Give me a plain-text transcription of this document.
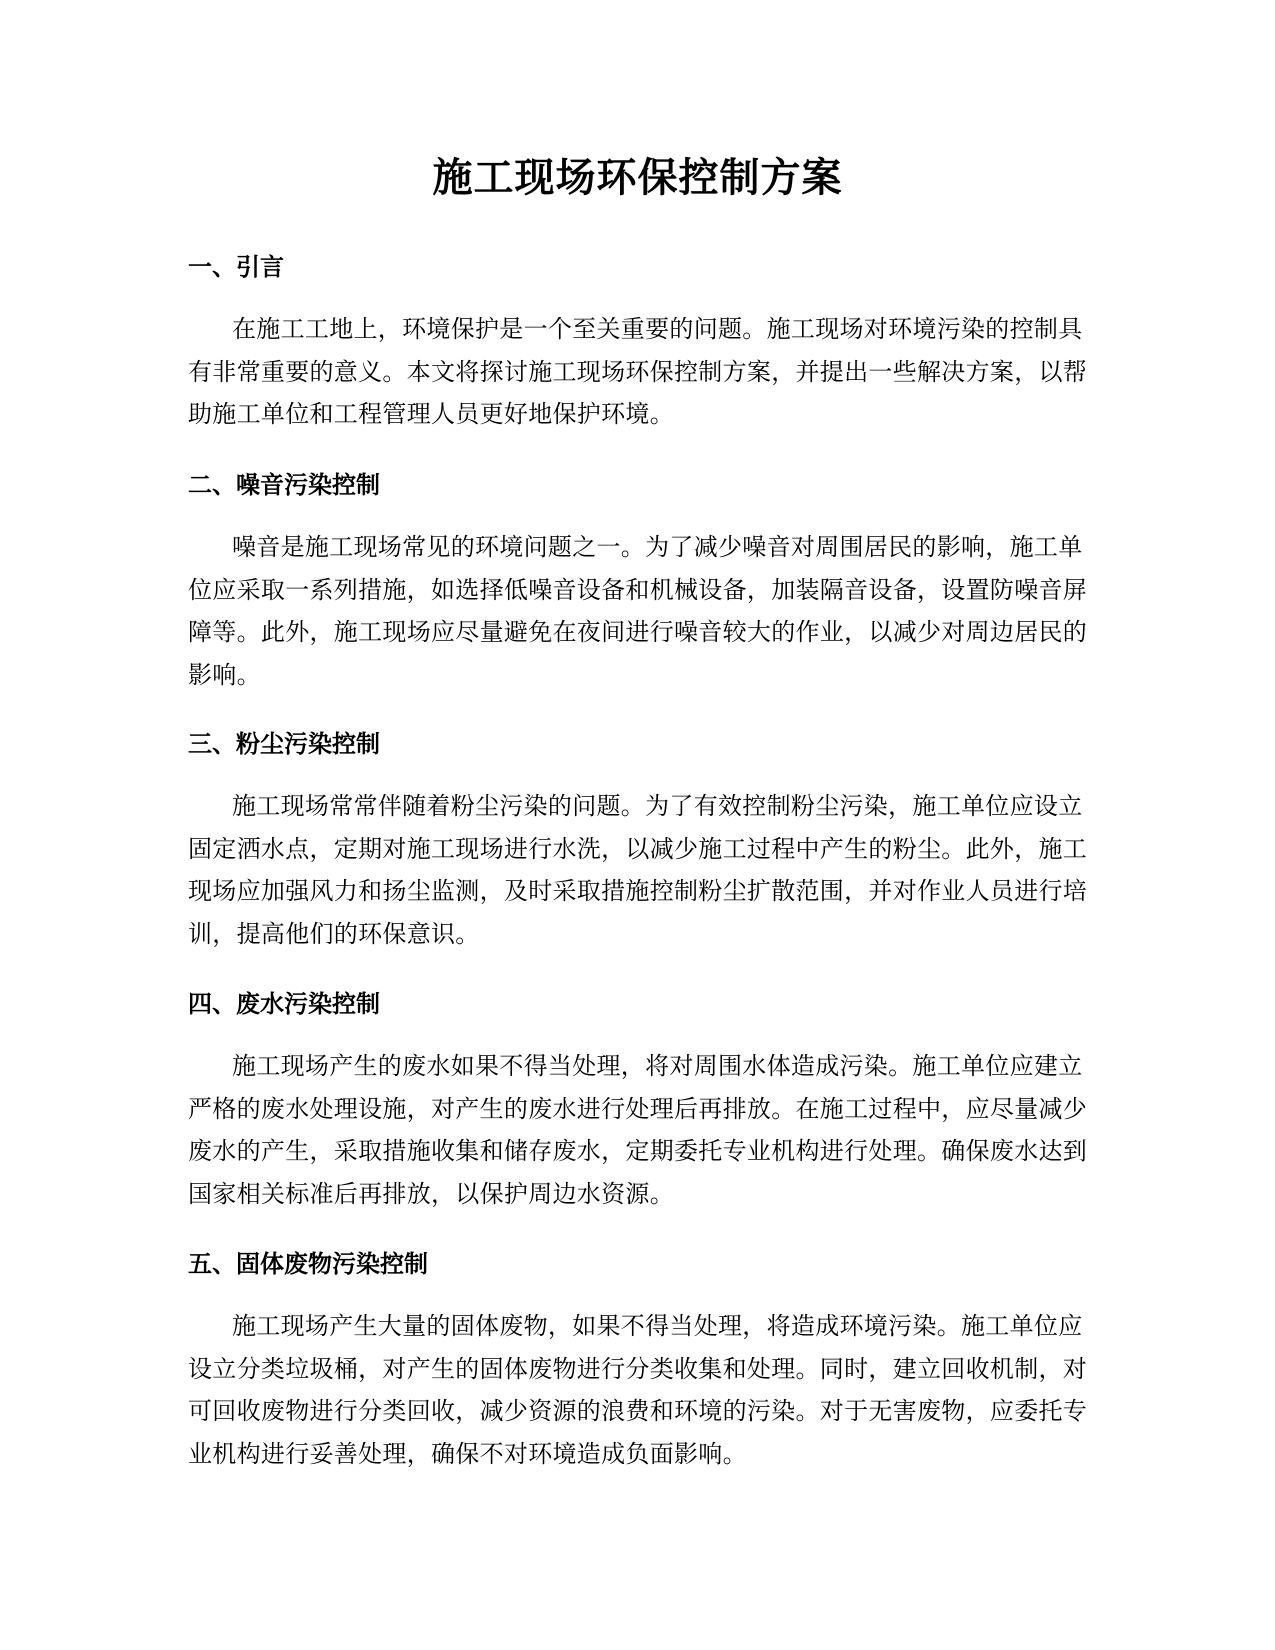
施工现场环保控制方案
一、引言

在施工工地上，环境保护是一个至关重要的问题。施工现场对环境污染的控制具有非常重要的意义。本文将探讨施工现场环保控制方案，并提出一些解决方案，以帮助施工单位和工程管理人员更好地保护环境。

二、噪音污染控制

噪音是施工现场常见的环境问题之一。为了减少噪音对周围居民的影响，施工单位应采取一系列措施，如选择低噪音设备和机械设备，加装隔音设备，设置防噪音屏障等。此外，施工现场应尽量避免在夜间进行噪音较大的作业，以减少对周边居民的影响。

三、粉尘污染控制

施工现场常常伴随着粉尘污染的问题。为了有效控制粉尘污染，施工单位应设立固定洒水点，定期对施工现场进行水洗，以减少施工过程中产生的粉尘。此外，施工现场应加强风力和扬尘监测，及时采取措施控制粉尘扩散范围，并对作业人员进行培训，提高他们的环保意识。

四、废水污染控制

施工现场产生的废水如果不得当处理，将对周围水体造成污染。施工单位应建立严格的废水处理设施，对产生的废水进行处理后再排放。在施工过程中，应尽量减少废水的产生，采取措施收集和储存废水，定期委托专业机构进行处理。确保废水达到国家相关标准后再排放，以保护周边水资源。

五、固体废物污染控制

施工现场产生大量的固体废物，如果不得当处理，将造成环境污染。施工单位应设立分类垃圾桶，对产生的固体废物进行分类收集和处理。同时，建立回收机制，对可回收废物进行分类回收，减少资源的浪费和环境的污染。对于无害废物，应委托专业机构进行妥善处理，确保不对环境造成负面影响。
